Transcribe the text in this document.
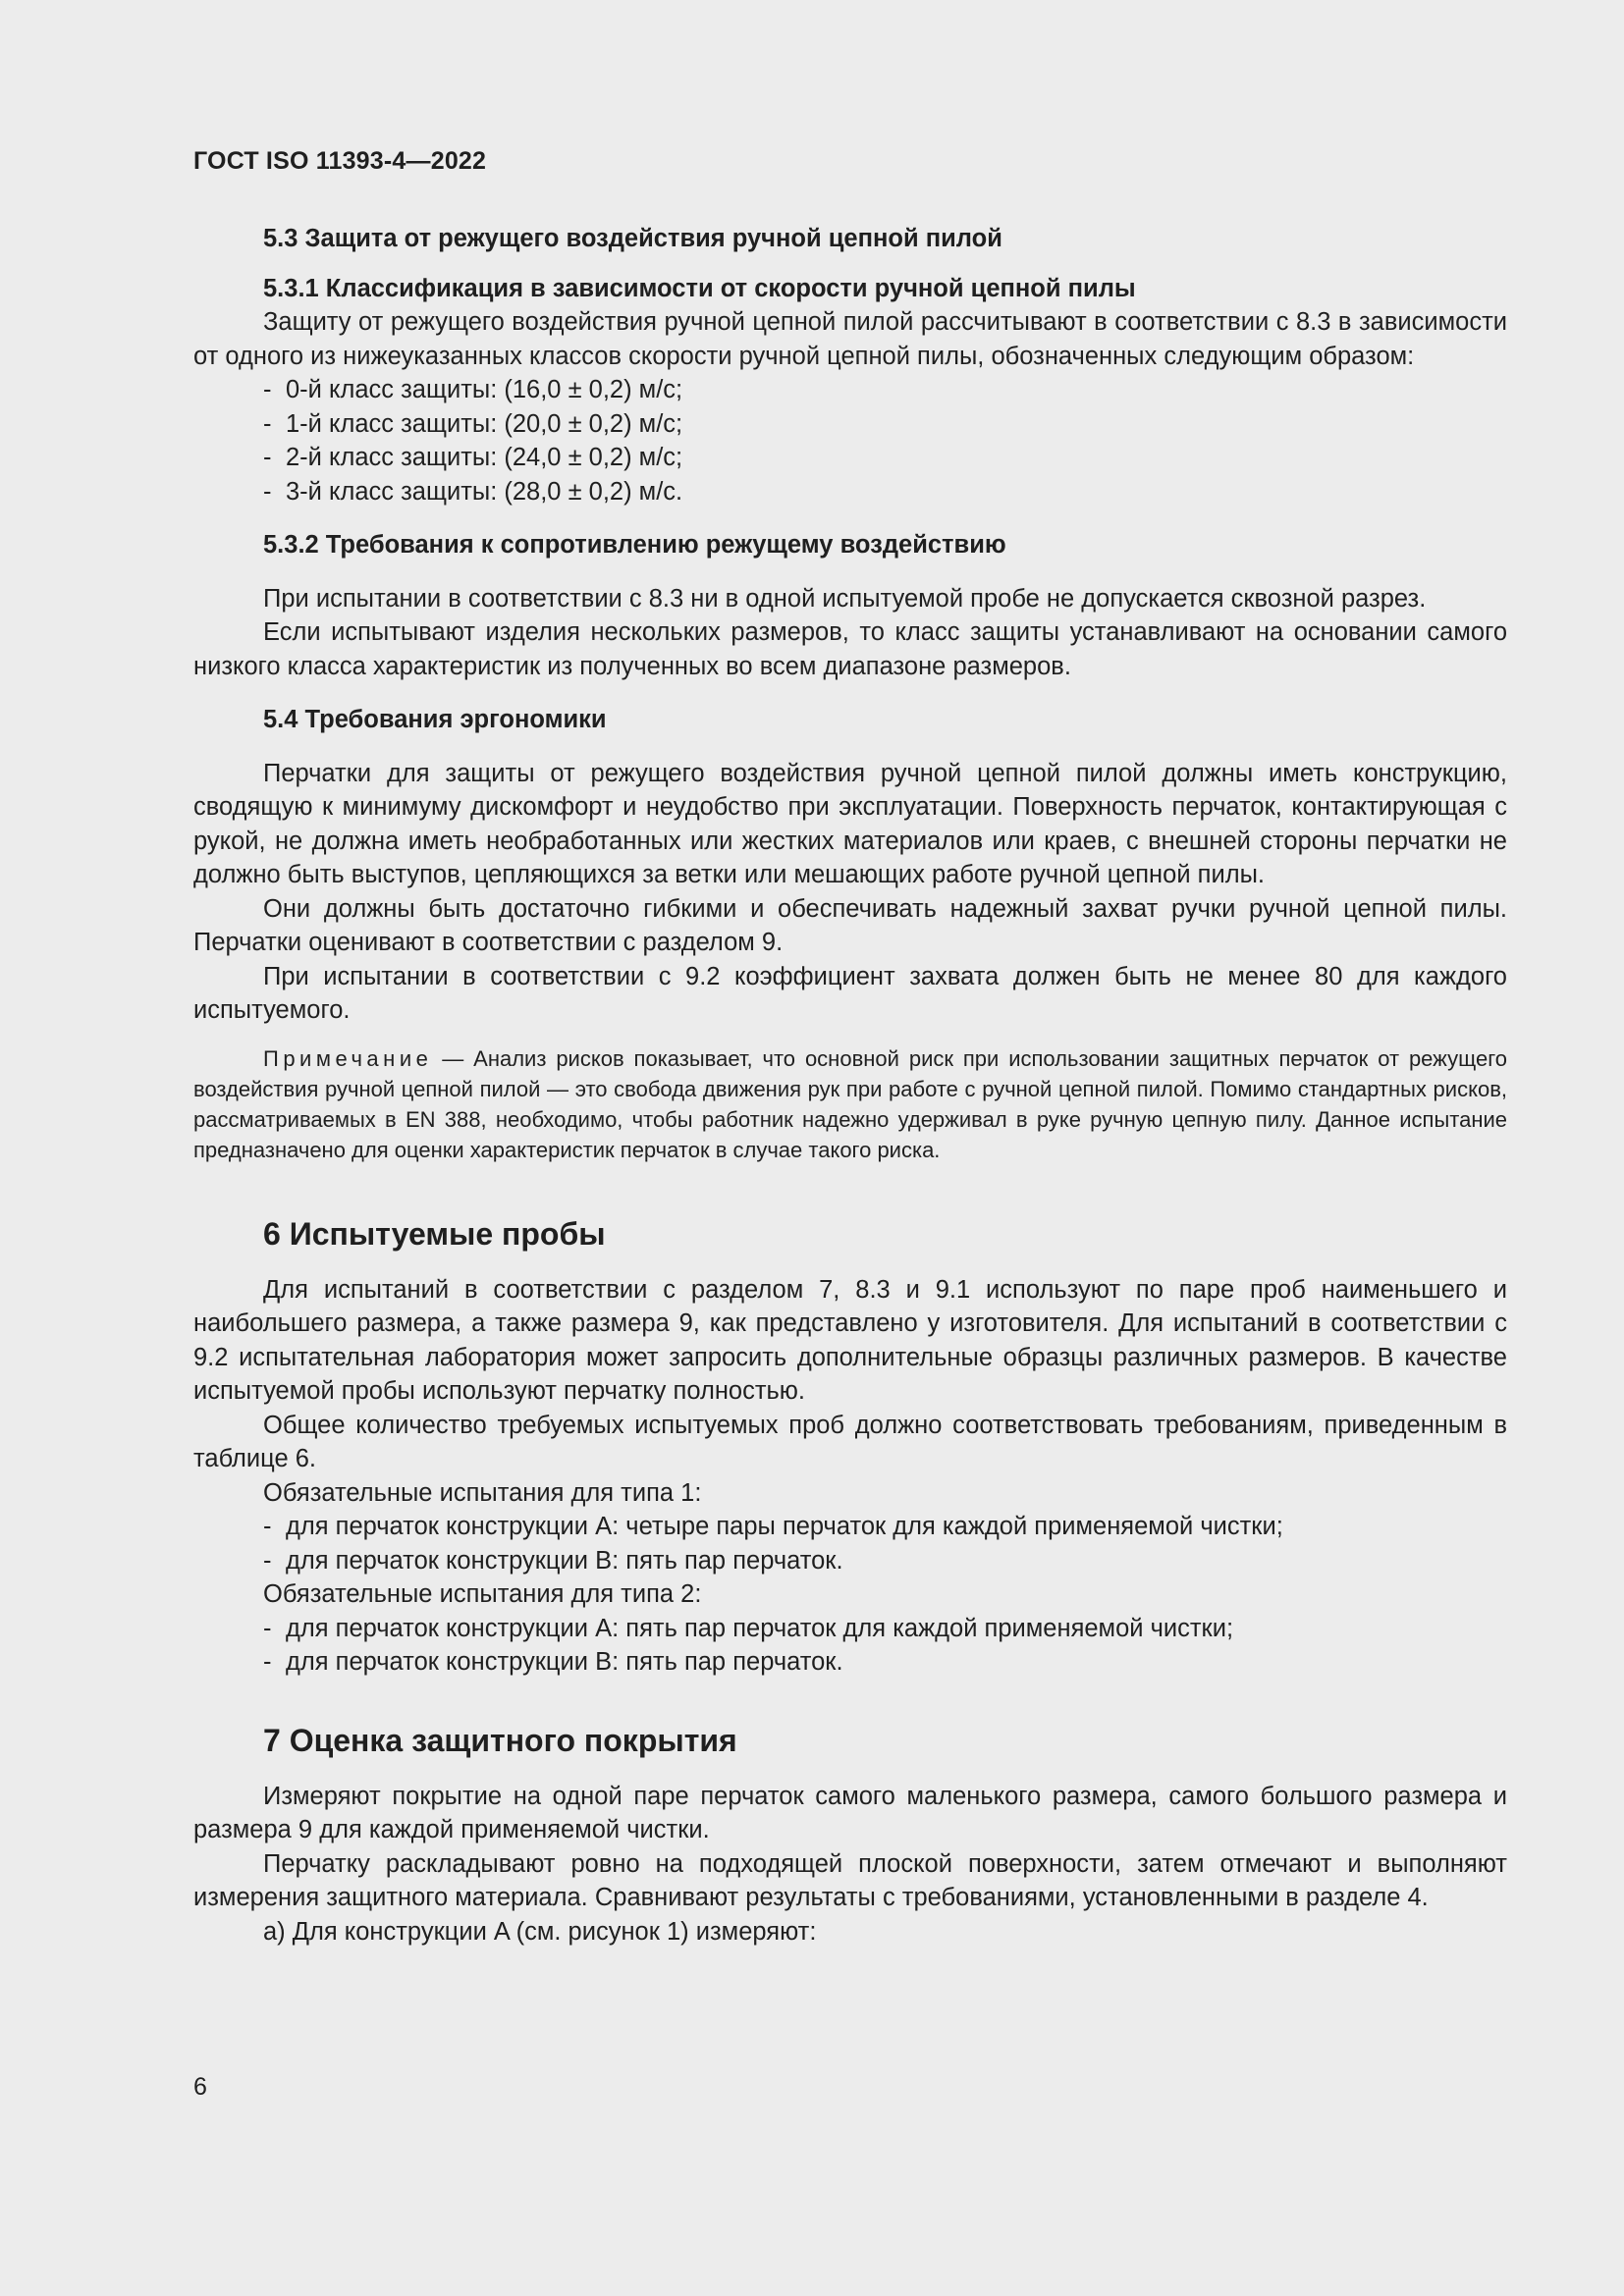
ГОСТ ISO 11393-4—2022

5.3 Защита от режущего воздействия ручной цепной пилой

5.3.1 Классификация в зависимости от скорости ручной цепной пилы

Защиту от режущего воздействия ручной цепной пилой рассчитывают в соответствии с 8.3 в зависимости от одного из нижеуказанных классов скорости ручной цепной пилы, обозначенных следующим образом:

- 0-й класс защиты: (16,0 ± 0,2) м/с;
- 1-й класс защиты: (20,0 ± 0,2) м/с;
- 2-й класс защиты: (24,0 ± 0,2) м/с;
- 3-й класс защиты: (28,0 ± 0,2) м/с.

5.3.2 Требования к сопротивлению режущему воздействию

При испытании в соответствии с 8.3 ни в одной испытуемой пробе не допускается сквозной разрез.

Если испытывают изделия нескольких размеров, то класс защиты устанавливают на основании самого низкого класса характеристик из полученных во всем диапазоне размеров.

5.4 Требования эргономики

Перчатки для защиты от режущего воздействия ручной цепной пилой должны иметь конструкцию, сводящую к минимуму дискомфорт и неудобство при эксплуатации. Поверхность перчаток, контактирующая с рукой, не должна иметь необработанных или жестких материалов или краев, с внешней стороны перчатки не должно быть выступов, цепляющихся за ветки или мешающих работе ручной цепной пилы.

Они должны быть достаточно гибкими и обеспечивать надежный захват ручки ручной цепной пилы. Перчатки оценивают в соответствии с разделом 9.

При испытании в соответствии с 9.2 коэффициент захвата должен быть не менее 80 для каждого испытуемого.

Примечание — Анализ рисков показывает, что основной риск при использовании защитных перчаток от режущего воздействия ручной цепной пилой — это свобода движения рук при работе с ручной цепной пилой. Помимо стандартных рисков, рассматриваемых в EN 388, необходимо, чтобы работник надежно удерживал в руке ручную цепную пилу. Данное испытание предназначено для оценки характеристик перчаток в случае такого риска.

6 Испытуемые пробы

Для испытаний в соответствии с разделом 7, 8.3 и 9.1 используют по паре проб наименьшего и наибольшего размера, а также размера 9, как представлено у изготовителя. Для испытаний в соответствии с 9.2 испытательная лаборатория может запросить дополнительные образцы различных размеров. В качестве испытуемой пробы используют перчатку полностью.

Общее количество требуемых испытуемых проб должно соответствовать требованиям, приведенным в таблице 6.

Обязательные испытания для типа 1:

- для перчаток конструкции A: четыре пары перчаток для каждой применяемой чистки;
- для перчаток конструкции B: пять пар перчаток.

Обязательные испытания для типа 2:

- для перчаток конструкции A: пять пар перчаток для каждой применяемой чистки;
- для перчаток конструкции B: пять пар перчаток.

7 Оценка защитного покрытия

Измеряют покрытие на одной паре перчаток самого маленького размера, самого большого размера и размера 9 для каждой применяемой чистки.

Перчатку раскладывают ровно на подходящей плоской поверхности, затем отмечают и выполняют измерения защитного материала. Сравнивают результаты с требованиями, установленными в разделе 4.

a) Для конструкции A (см. рисунок 1) измеряют:

6
